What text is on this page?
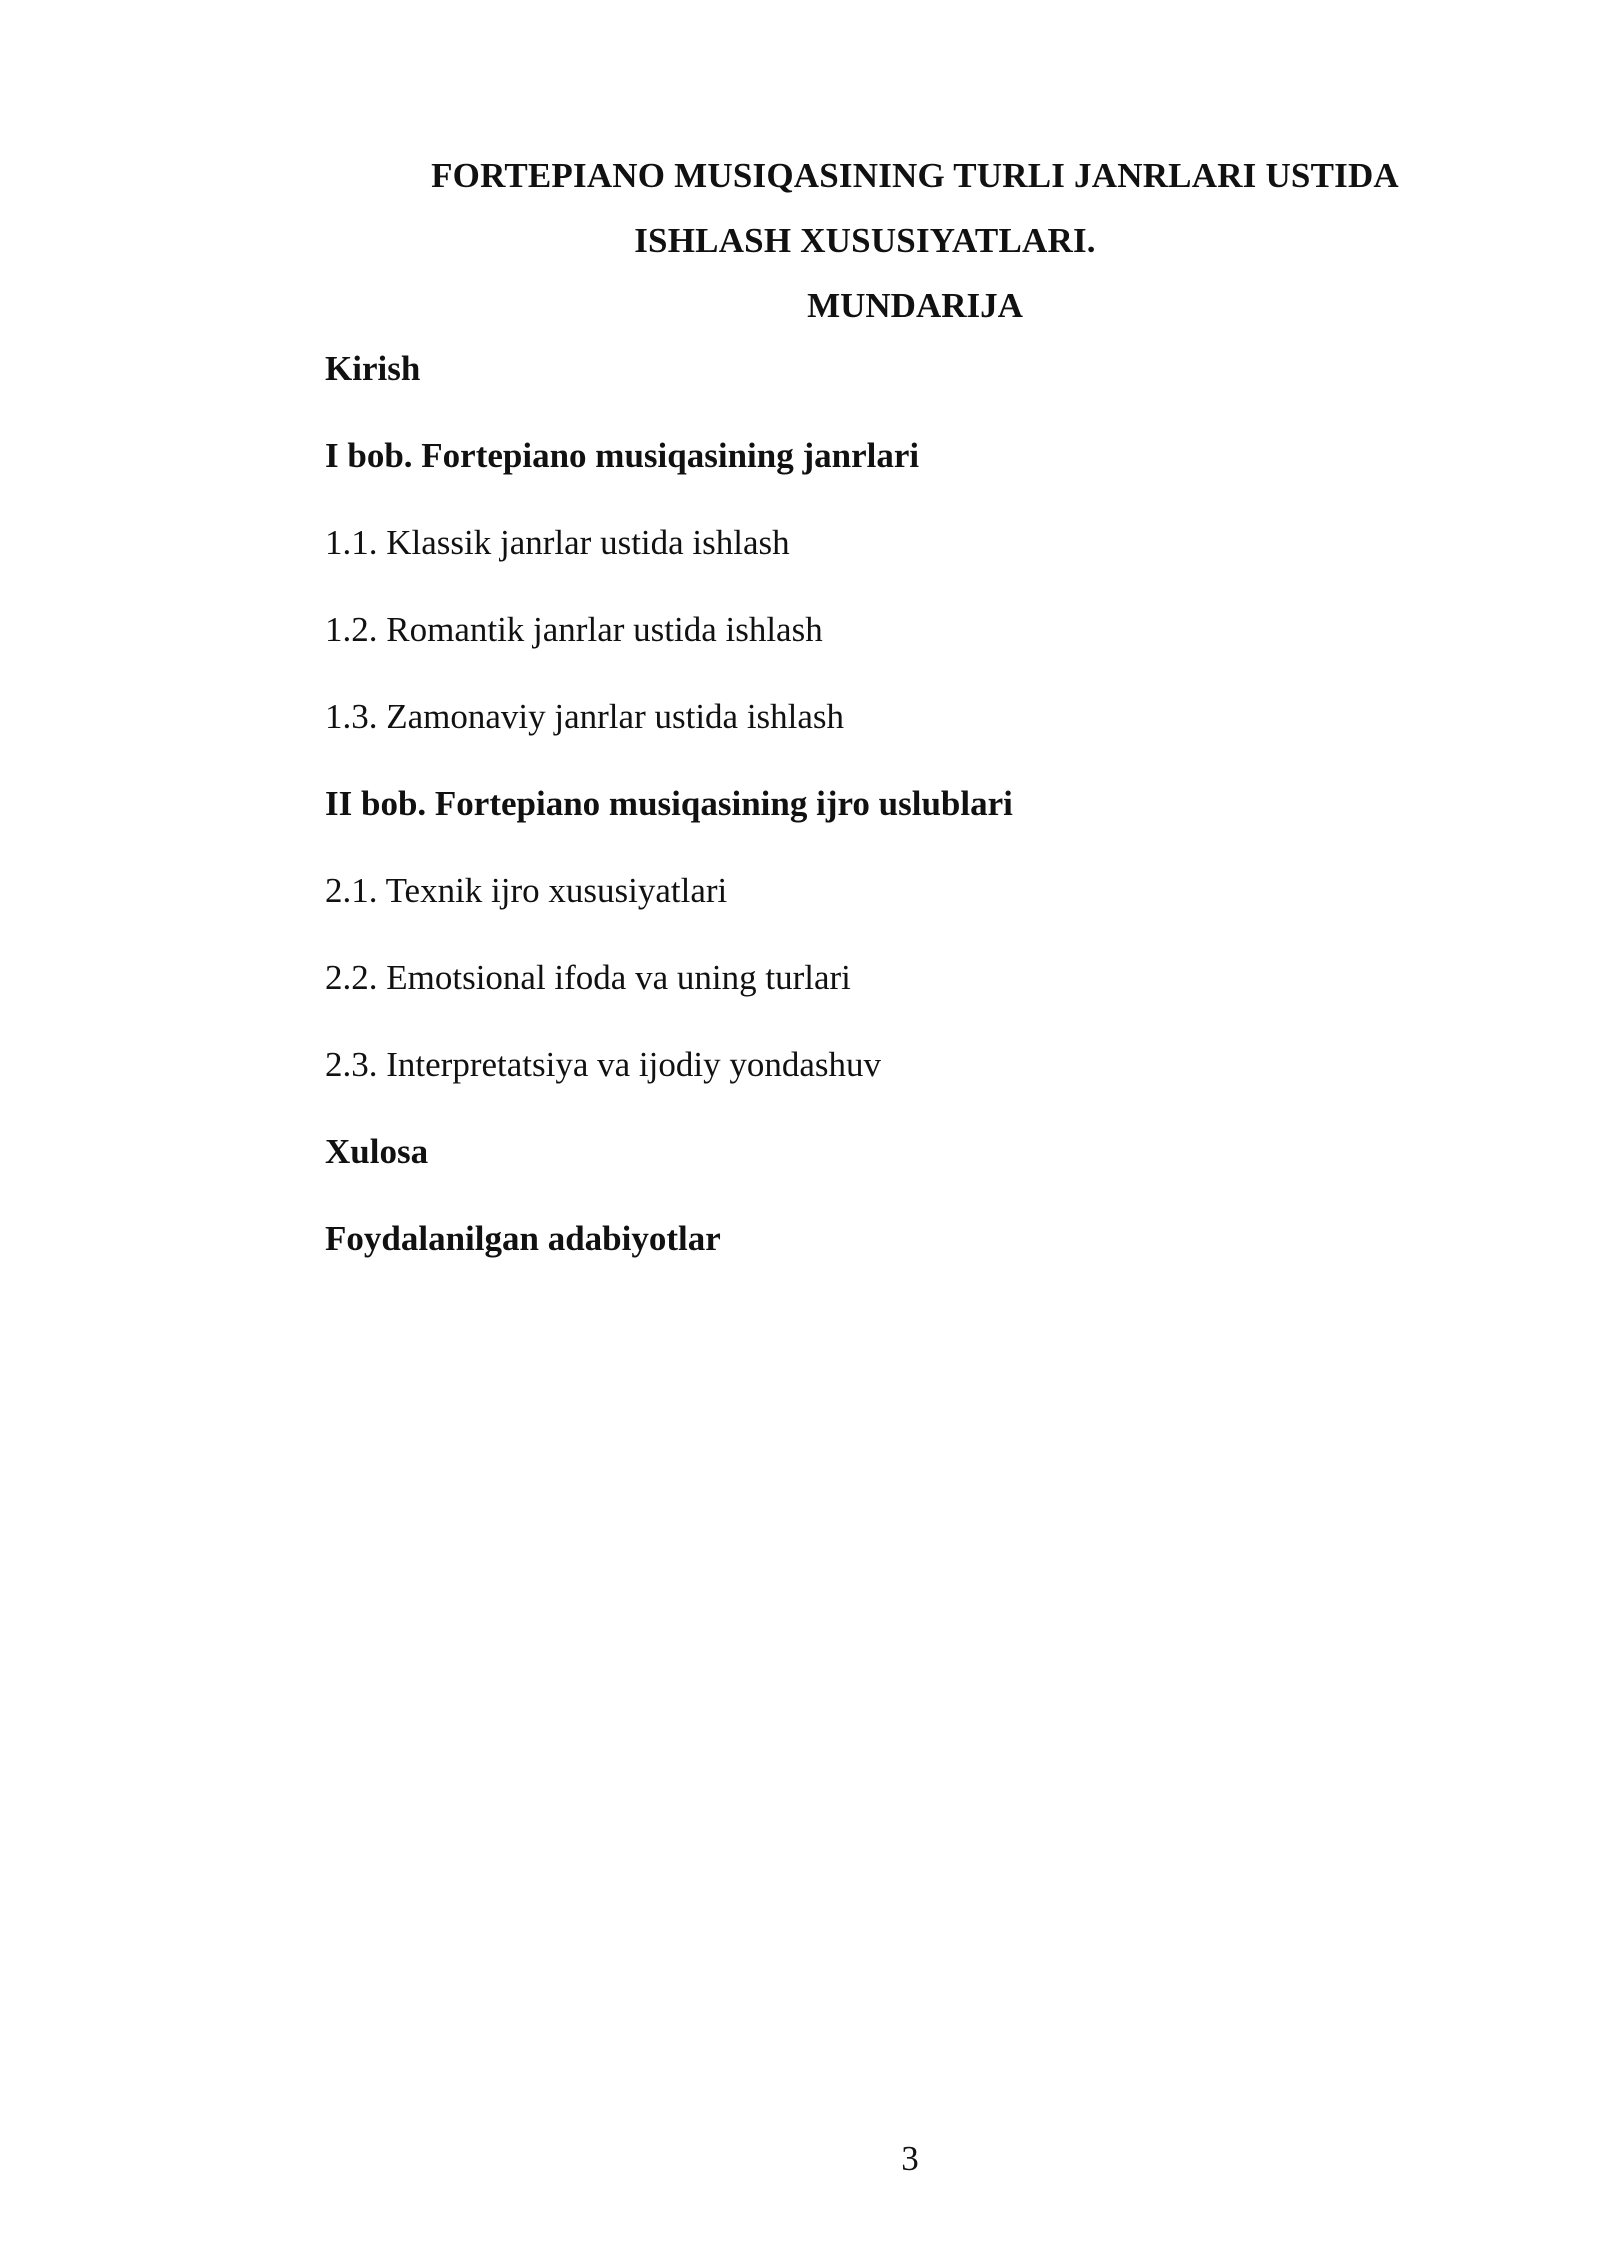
FORTEPIANO MUSIQASINING TURLI JANRLARI USTIDA
ISHLASH XUSUSIYATLARI.
MUNDARIJA
Kirish
I bob. Fortepiano musiqasining janrlari
1.1. Klassik janrlar ustida ishlash
1.2. Romantik janrlar ustida ishlash
1.3. Zamonaviy janrlar ustida ishlash
II bob. Fortepiano musiqasining ijro uslublari
2.1. Texnik ijro xususiyatlari
2.2. Emotsional ifoda va uning turlari
2.3. Interpretatsiya va ijodiy yondashuv
Xulosa
Foydalanilgan adabiyotlar
3
